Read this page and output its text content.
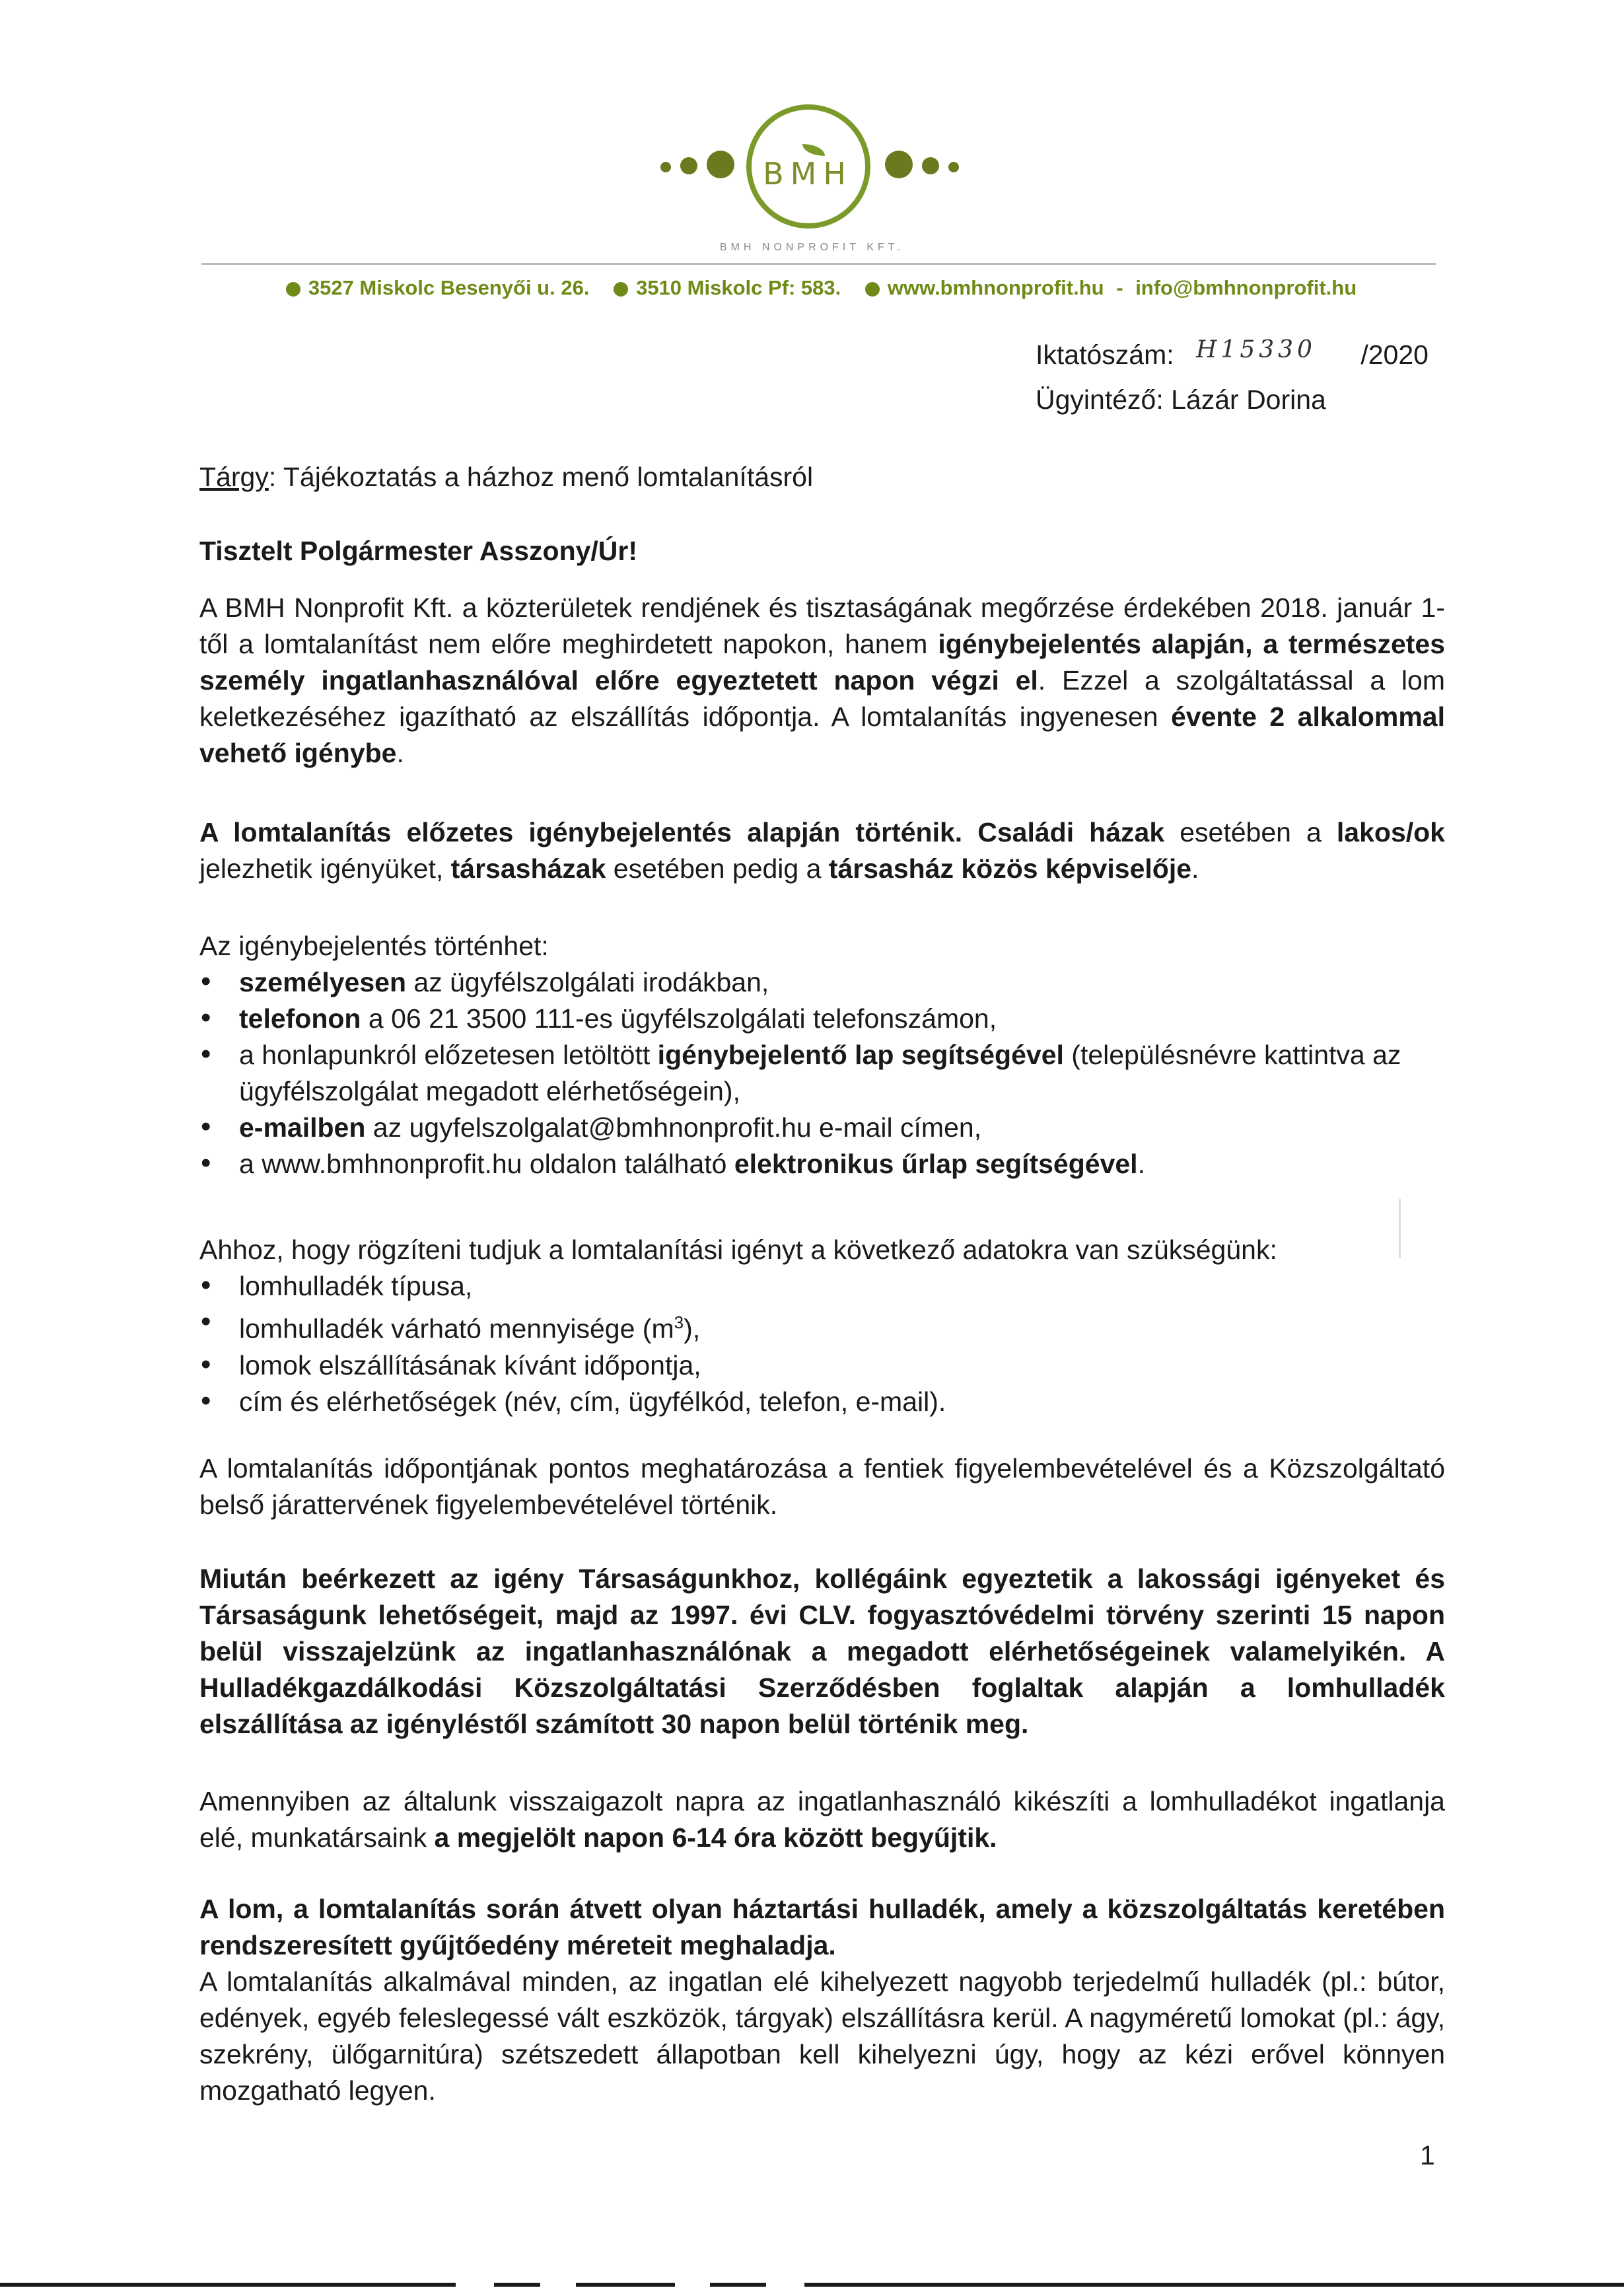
BMH
BMH NONPROFIT KFT.
3527 Miskolc Besenyői u. 26. 3510 Miskolc Pf: 583. www.bmhnonprofit.hu - info@bmhnonprofit.hu
Iktatószám: H15330 /2020
Ügyintéző: Lázár Dorina
Tárgy: Tájékoztatás a házhoz menő lomtalanításról
Tisztelt Polgármester Asszony/Úr!

A BMH Nonprofit Kft. a közterületek rendjének és tisztaságának megőrzése érdekében 2018. január 1-től a lomtalanítást nem előre meghirdetett napokon, hanem igénybejelentés alapján, a természetes személy ingatlanhasználóval előre egyeztetett napon végzi el. Ezzel a szolgáltatással a lom keletkezéséhez igazítható az elszállítás időpontja. A lomtalanítás ingyenesen évente 2 alkalommal vehető igénybe.

A lomtalanítás előzetes igénybejelentés alapján történik. Családi házak esetében a lakos/ok jelezhetik igényüket, társasházak esetében pedig a társasház közös képviselője.

Az igénybejelentés történhet:

• személyesen az ügyfélszolgálati irodákban,
• telefonon a 06 21 3500 111-es ügyfélszolgálati telefonszámon,
• a honlapunkról előzetesen letöltött igénybejelentő lap segítségével (településnévre kattintva az ügyfélszolgálat megadott elérhetőségein),
• e-mailben az ugyfelszolgalat@bmhnonprofit.hu e-mail címen,
• a www.bmhnonprofit.hu oldalon található elektronikus űrlap segítségével.

Ahhoz, hogy rögzíteni tudjuk a lomtalanítási igényt a következő adatokra van szükségünk:

• lomhulladék típusa,
• lomhulladék várható mennyisége $(m^3)$,
• lomok elszállításának kívánt időpontja,
• cím és elérhetőségek (név, cím, ügyfélkód, telefon, e-mail).

A lomtalanítás időpontjának pontos meghatározása a fentiek figyelembevételével és a Közszolgáltató belső járattervének figyelembevételével történik.

Miután beérkezett az igény Társaságunkhoz, kollégáink egyeztetik a lakossági igényeket és Társaságunk lehetőségeit, majd az 1997. évi CLV. fogyasztóvédelmi törvény szerinti 15 napon belül visszajelzünk az ingatlanhasználónak a megadott elérhetőségeinek valamelyikén. A Hulladékgazdálkodási Közszolgáltatási Szerződésben foglaltak alapján a lomhulladék elszállítása az igényléstől számított 30 napon belül történik meg.

Amennyiben az általunk visszaigazolt napra az ingatlanhasználó kikészíti a lomhulladékot ingatlanja elé, munkatársaink a megjelölt napon 6-14 óra között begyűjtik.

A lom, a lomtalanítás során átvett olyan háztartási hulladék, amely a közszolgáltatás keretében rendszeresített gyűjtőedény méreteit meghaladja.

A lomtalanítás alkalmával minden, az ingatlan elé kihelyezett nagyobb terjedelmű hulladék (pl.: bútor, edények, egyéb feleslegessé vált eszközök, tárgyak) elszállításra kerül. A nagyméretű lomokat (pl.: ágy, szekrény, ülőgarnitúra) szétszedett állapotban kell kihelyezni úgy, hogy az kézi erővel könnyen mozgatható legyen.

1
